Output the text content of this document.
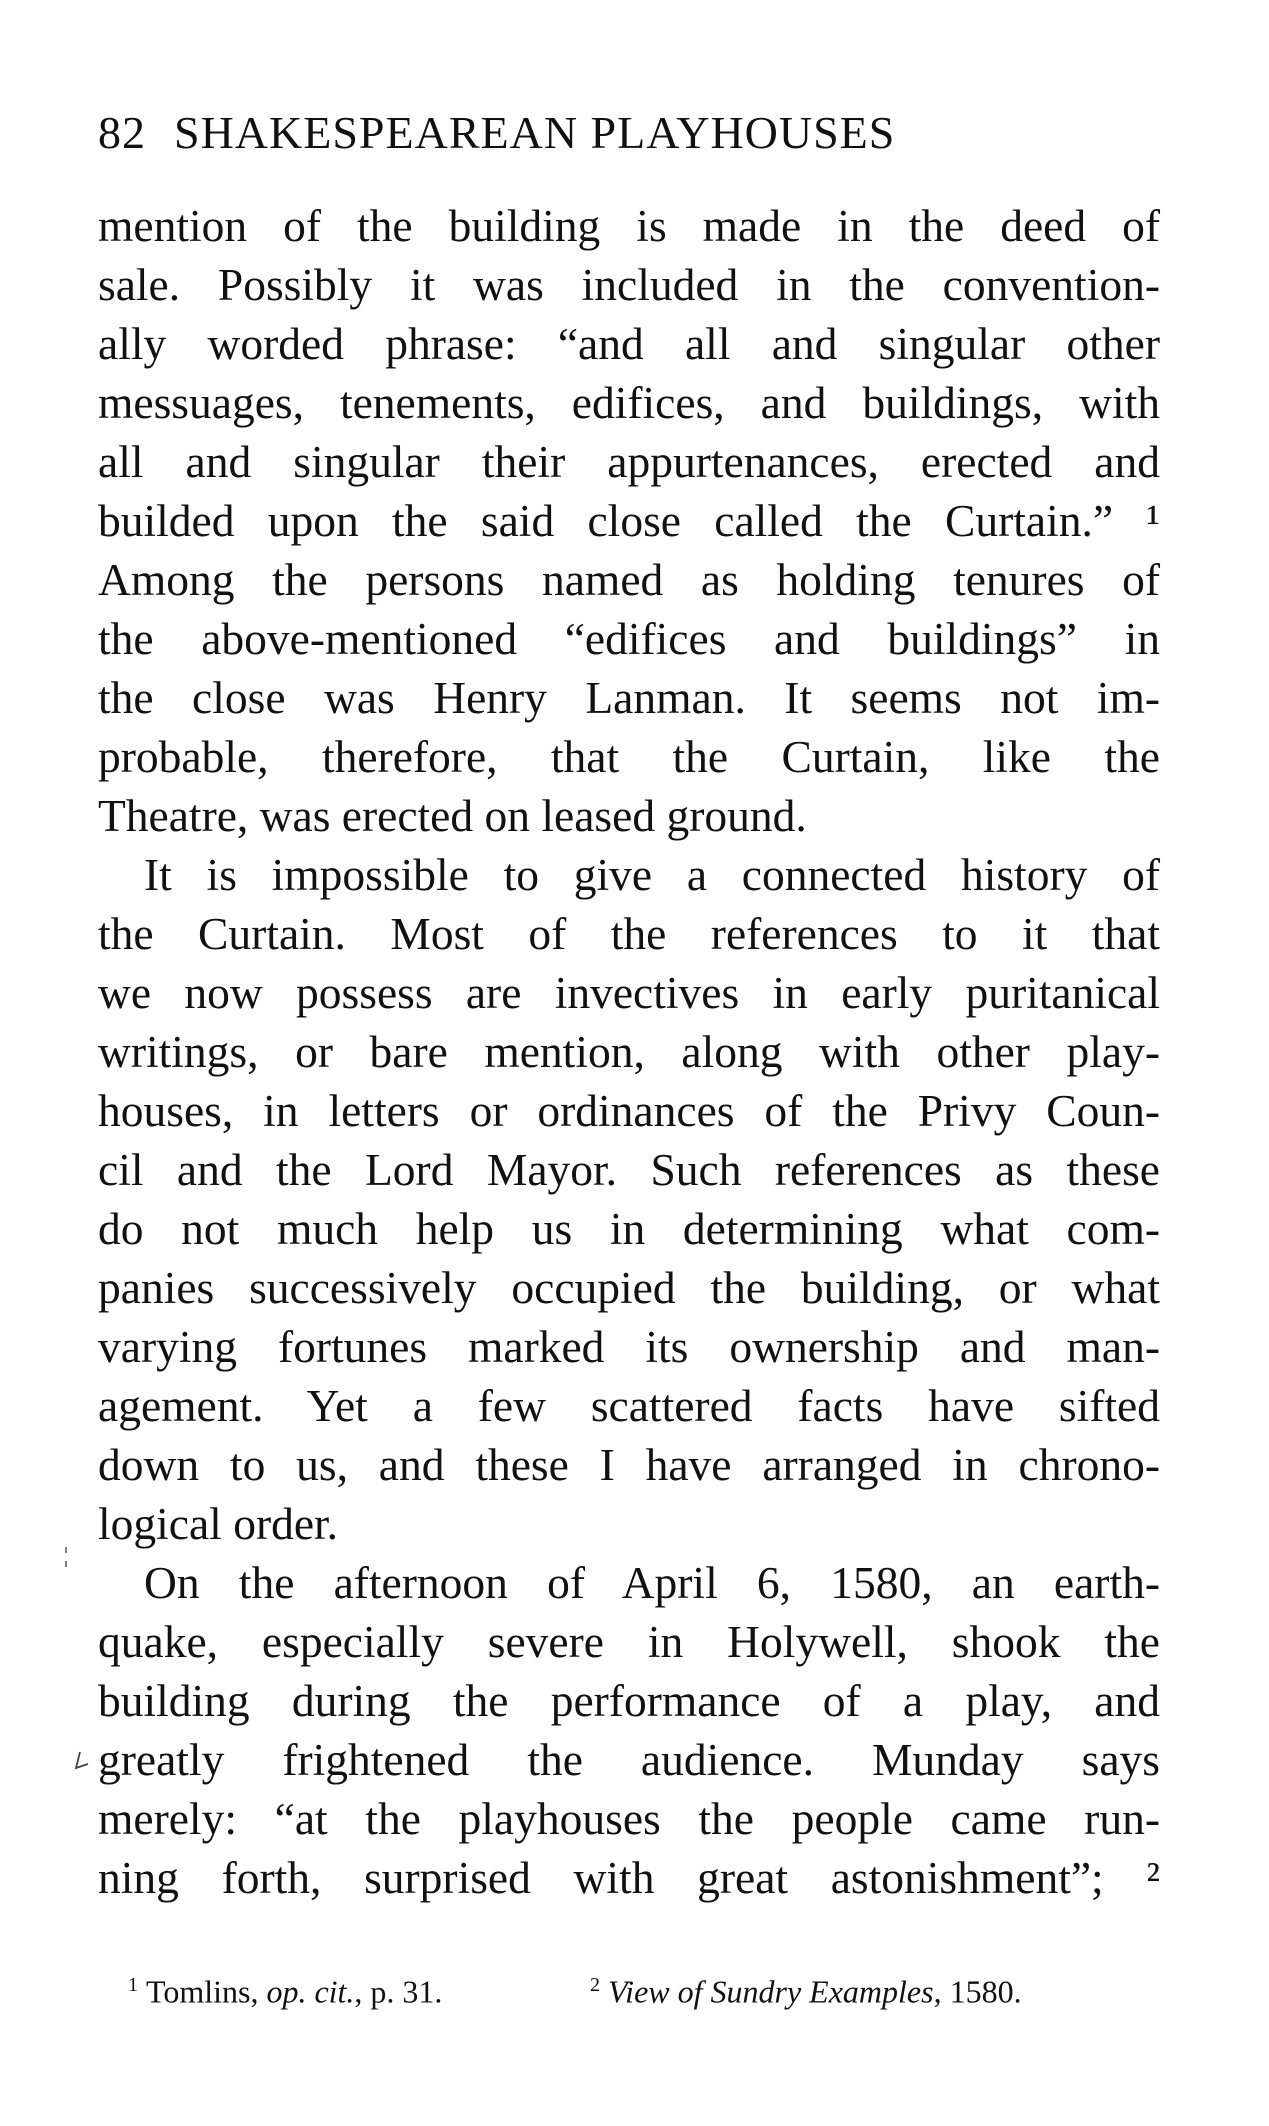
82 SHAKESPEAREAN PLAYHOUSES
mention of the building is made in the deed of
sale. Possibly it was included in the convention-
ally worded phrase: “and all and singular other
messuages, tenements, edifices, and buildings, with
all and singular their appurtenances, erected and
builded upon the said close called the Curtain.” ¹
Among the persons named as holding tenures of
the above-mentioned “edifices and buildings” in
the close was Henry Lanman. It seems not im-
probable, therefore, that the Curtain, like the
Theatre, was erected on leased ground.
It is impossible to give a connected history of
the Curtain. Most of the references to it that
we now possess are invectives in early puritanical
writings, or bare mention, along with other play-
houses, in letters or ordinances of the Privy Coun-
cil and the Lord Mayor. Such references as these
do not much help us in determining what com-
panies successively occupied the building, or what
varying fortunes marked its ownership and man-
agement. Yet a few scattered facts have sifted
down to us, and these I have arranged in chrono-
logical order.
On the afternoon of April 6, 1580, an earth-
quake, especially severe in Holywell, shook the
building during the performance of a play, and
greatly frightened the audience. Munday says
merely: “at the playhouses the people came run-
ning forth, surprised with great astonishment”; ²
$^1$ Tomlins, op. cit., p. 31.	$^2$ View of Sundry Examples, 1580.
